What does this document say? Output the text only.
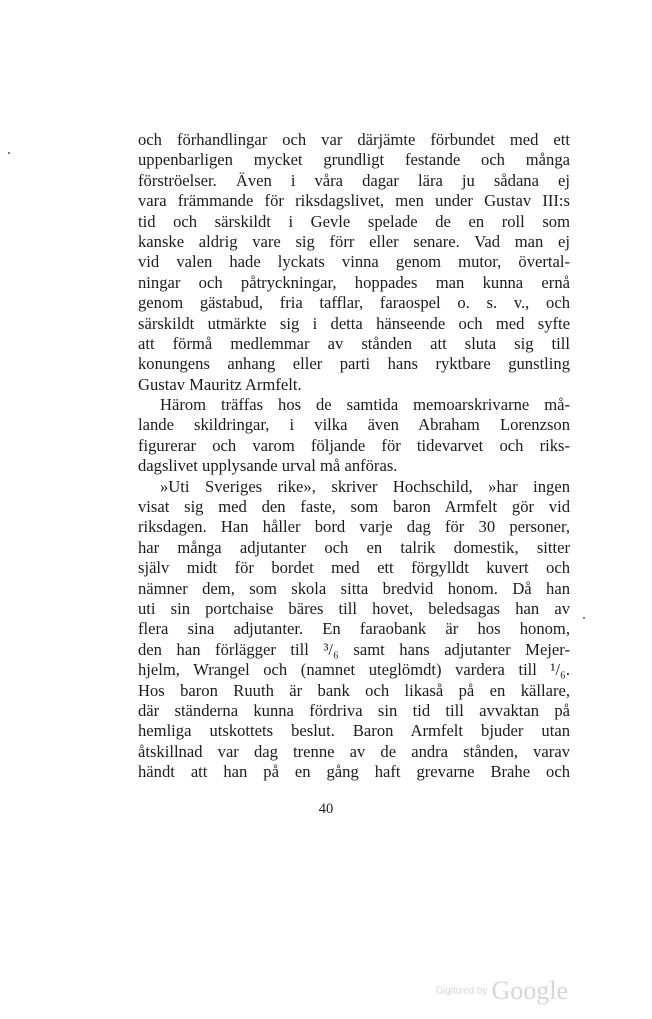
och förhandlingar och var därjämte förbundet med ett
uppenbarligen mycket grundligt festande och många
förströelser. Även i våra dagar lära ju sådana ej
vara främmande för riksdagslivet, men under Gustav III:s
tid och särskildt i Gevle spelade de en roll som
kanske aldrig vare sig förr eller senare. Vad man ej
vid valen hade lyckats vinna genom mutor, övertal-
ningar och påtryckningar, hoppades man kunna ernå
genom gästabud, fria tafflar, faraospel o. s. v., och
särskildt utmärkte sig i detta hänseende och med syfte
att förmå medlemmar av stånden att sluta sig till
konungens anhang eller parti hans ryktbare gunstling
Gustav Mauritz Armfelt.
Härom träffas hos de samtida memoarskrivarne må-
lande skildringar, i vilka även Abraham Lorenzson
figurerar och varom följande för tidevarvet och riks-
dagslivet upplysande urval må anföras.
»Uti Sveriges rike», skriver Hochschild, »har ingen
visat sig med den faste, som baron Armfelt gör vid
riksdagen. Han håller bord varje dag för 30 personer,
har många adjutanter och en talrik domestik, sitter
själv midt för bordet med ett förgylldt kuvert och
nämner dem, som skola sitta bredvid honom. Då han
uti sin portchaise bäres till hovet, beledsagas han av
flera sina adjutanter. En faraobank är hos honom,
den han förlägger till ³/₆ samt hans adjutanter Mejer-
hjelm, Wrangel och (namnet uteglömdt) vardera till ¹/₆.
Hos baron Ruuth är bank och likaså på en källare,
där ständerna kunna fördriva sin tid till avvaktan på
hemliga utskottets beslut. Baron Armfelt bjuder utan
åtskillnad var dag trenne av de andra stånden, varav
händt att han på en gång haft grevarne Brahe och
40
Digitized by Google
